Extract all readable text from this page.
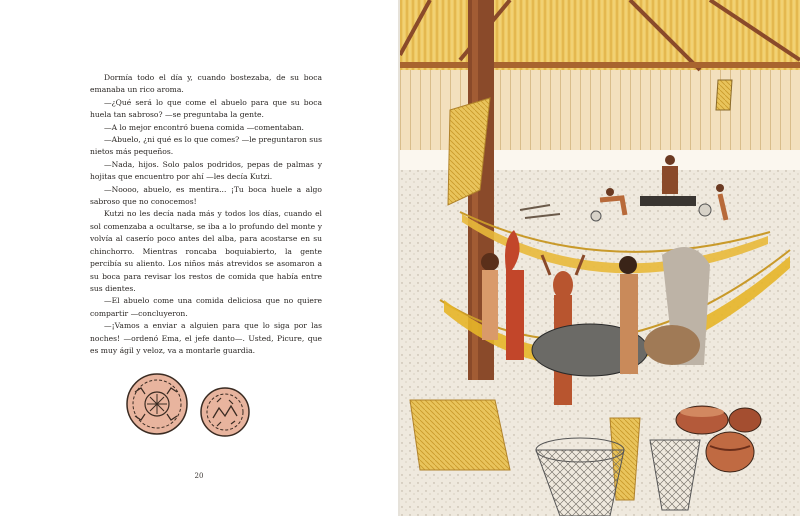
Dormía todo el día y, cuando bostezaba, de su boca emanaba un rico aroma.

—¿Qué será lo que come el abuelo para que su boca huela tan sabroso? —se preguntaba la gente.

—A lo mejor encontró buena comida —comentaban.

—Abuelo, ¿ni qué es lo que comes? —le preguntaron sus nietos más pequeños.

—Nada, hijos. Solo palos podridos, pepas de palmas y hojitas que encuentro por ahí —les decía Kutzi.

—Noooo, abuelo, es mentira... ¡Tu boca huele a algo sabroso que no conocemos!

Kutzi no les decía nada más y todos los días, cuando el sol comenzaba a ocultarse, se iba a lo profundo del monte y volvía al caserío poco antes del alba, para acostarse en su chinchorro. Mientras roncaba boquiabierto, la gente percibía su aliento. Los niños más atrevidos se asomaron a su boca para revisar los restos de comida que había entre sus dientes.

—El abuelo come una comida deliciosa que no quiere compartir —concluyeron.

—¡Vamos a enviar a alguien para que lo siga por las noches! —ordenó Ema, el jefe danto—. Usted, Picure, que es muy ágil y veloz, va a montarle guardia.

20
